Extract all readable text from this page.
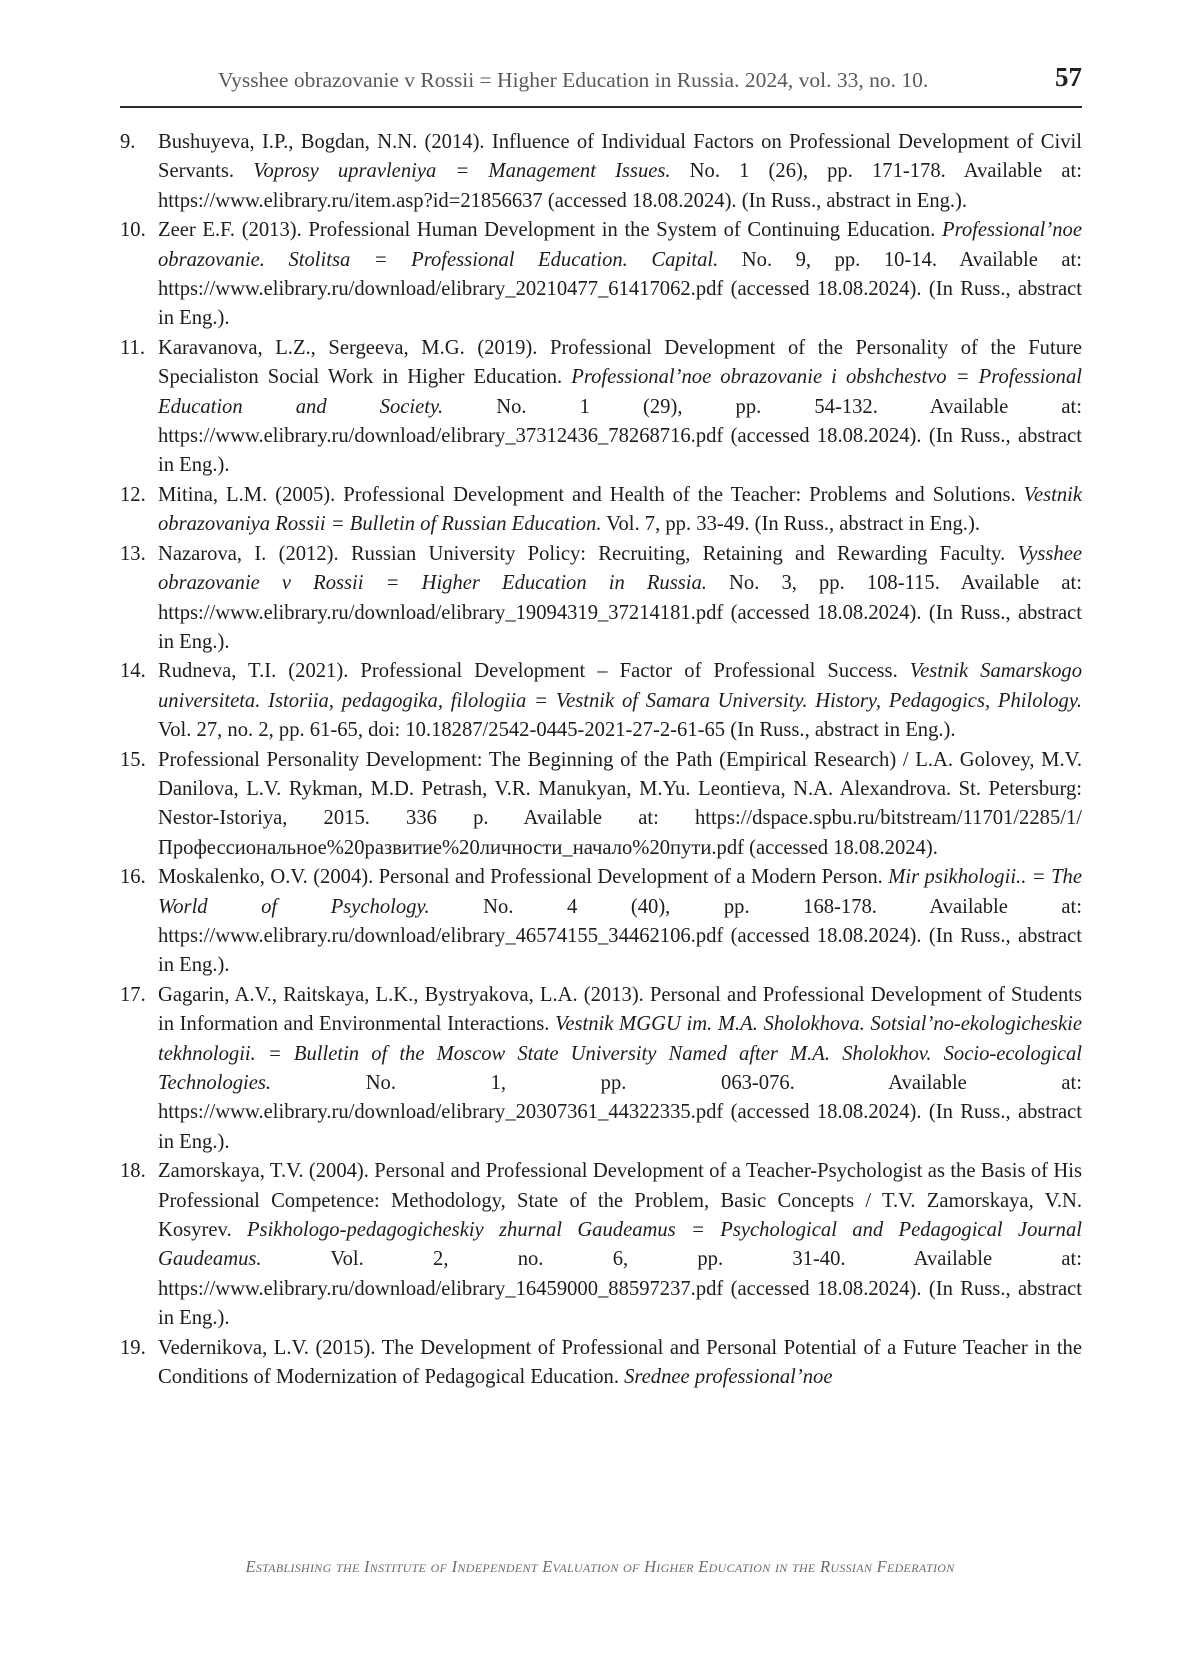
Vysshee obrazovanie v Rossii = Higher Education in Russia. 2024, vol. 33, no. 10.	57
9. Bushuyeva, I.P., Bogdan, N.N. (2014). Influence of Individual Factors on Professional Development of Civil Servants. Voprosy upravleniya = Management Issues. No. 1 (26), pp. 171-178. Available at: https://www.elibrary.ru/item.asp?id=21856637 (accessed 18.08.2024). (In Russ., abstract in Eng.).
10. Zeer E.F. (2013). Professional Human Development in the System of Continuing Education. Professional’noe obrazovanie. Stolitsa = Professional Education. Capital. No. 9, pp. 10-14. Available at: https://www.elibrary.ru/download/elibrary_20210477_61417062.pdf (accessed 18.08.2024). (In Russ., abstract in Eng.).
11. Karavanova, L.Z., Sergeeva, M.G. (2019). Professional Development of the Personality of the Future Specialiston Social Work in Higher Education. Professional’noe obrazovanie i obshchestvo = Professional Education and Society. No. 1 (29), pp. 54-132. Available at: https://www.elibrary.ru/download/elibrary_37312436_78268716.pdf (accessed 18.08.2024). (In Russ., abstract in Eng.).
12. Mitina, L.M. (2005). Professional Development and Health of the Teacher: Problems and Solutions. Vestnik obrazovaniya Rossii = Bulletin of Russian Education. Vol. 7, pp. 33-49. (In Russ., abstract in Eng.).
13. Nazarova, I. (2012). Russian University Policy: Recruiting, Retaining and Rewarding Faculty. Vysshee obrazovanie v Rossii = Higher Education in Russia. No. 3, pp. 108-115. Available at: https://www.elibrary.ru/download/elibrary_19094319_37214181.pdf (accessed 18.08.2024). (In Russ., abstract in Eng.).
14. Rudneva, T.I. (2021). Professional Development – Factor of Professional Success. Vestnik Samarskogo universiteta. Istoriia, pedagogika, filologiia = Vestnik of Samara University. History, Pedagogics, Philology. Vol. 27, no. 2, pp. 61-65, doi: 10.18287/2542-0445-2021-27-2-61-65 (In Russ., abstract in Eng.).
15. Professional Personality Development: The Beginning of the Path (Empirical Research) / L.A. Golovey, M.V. Danilova, L.V. Rykman, M.D. Petrash, V.R. Manukyan, M.Yu. Leontieva, N.A. Alexandrova. St. Petersburg: Nestor-Istoriya, 2015. 336 p. Available at: https://dspace.spbu.ru/bitstream/11701/2285/1/Профессиональное%20развитие%20личности_начало%20пути.pdf (accessed 18.08.2024).
16. Moskalenko, O.V. (2004). Personal and Professional Development of a Modern Person. Mir psikhologii.. = The World of Psychology. No. 4 (40), pp. 168-178. Available at: https://www.elibrary.ru/download/elibrary_46574155_34462106.pdf (accessed 18.08.2024). (In Russ., abstract in Eng.).
17. Gagarin, A.V., Raitskaya, L.K., Bystryakova, L.A. (2013). Personal and Professional Development of Students in Information and Environmental Interactions. Vestnik MGGU im. M.A. Sholokhova. Sotsial’no-ekologicheskie tekhnologii. = Bulletin of the Moscow State University Named after M.A. Sholokhov. Socio-ecological Technologies. No. 1, pp. 063-076. Available at: https://www.elibrary.ru/download/elibrary_20307361_44322335.pdf (accessed 18.08.2024). (In Russ., abstract in Eng.).
18. Zamorskaya, T.V. (2004). Personal and Professional Development of a Teacher-Psychologist as the Basis of His Professional Competence: Methodology, State of the Problem, Basic Concepts / T.V. Zamorskaya, V.N. Kosyrev. Psikhologo-pedagogicheskiy zhurnal Gaudeamus = Psychological and Pedagogical Journal Gaudeamus. Vol. 2, no. 6, pp. 31-40. Available at: https://www.elibrary.ru/download/elibrary_16459000_88597237.pdf (accessed 18.08.2024). (In Russ., abstract in Eng.).
19. Vedernikova, L.V. (2015). The Development of Professional and Personal Potential of a Future Teacher in the Conditions of Modernization of Pedagogical Education. Srednee professional’noe
Establishing the Institute of Independent Evaluation of Higher Education in the Russian Federation
